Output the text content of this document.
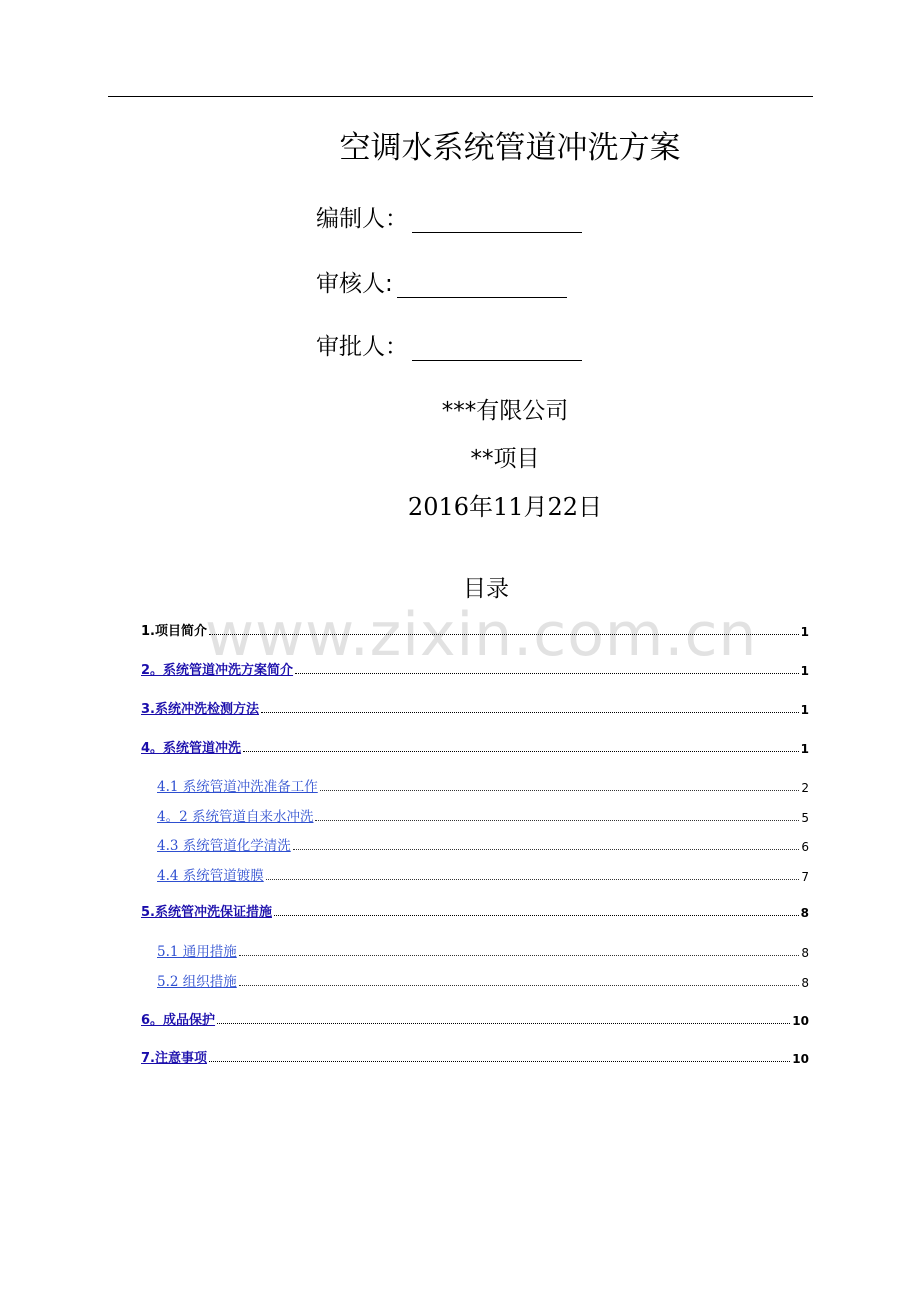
空调水系统管道冲洗方案
编制人：
审核人:
审批人：
***有限公司
**项目
2016年11月22日
目录
www.zixin.com.cn
1.项目简介	1
2。系统管道冲洗方案简介	1
3.系统冲洗检测方法	1
4。系统管道冲洗	1
4.1 系统管道冲洗准备工作	2
4。2 系统管道自来水冲洗	5
4.3 系统管道化学清洗	6
4.4 系统管道镀膜	7
5.系统管冲洗保证措施	8
5.1 通用措施	8
5.2 组织措施	8
6。成品保护	10
7.注意事项	10
